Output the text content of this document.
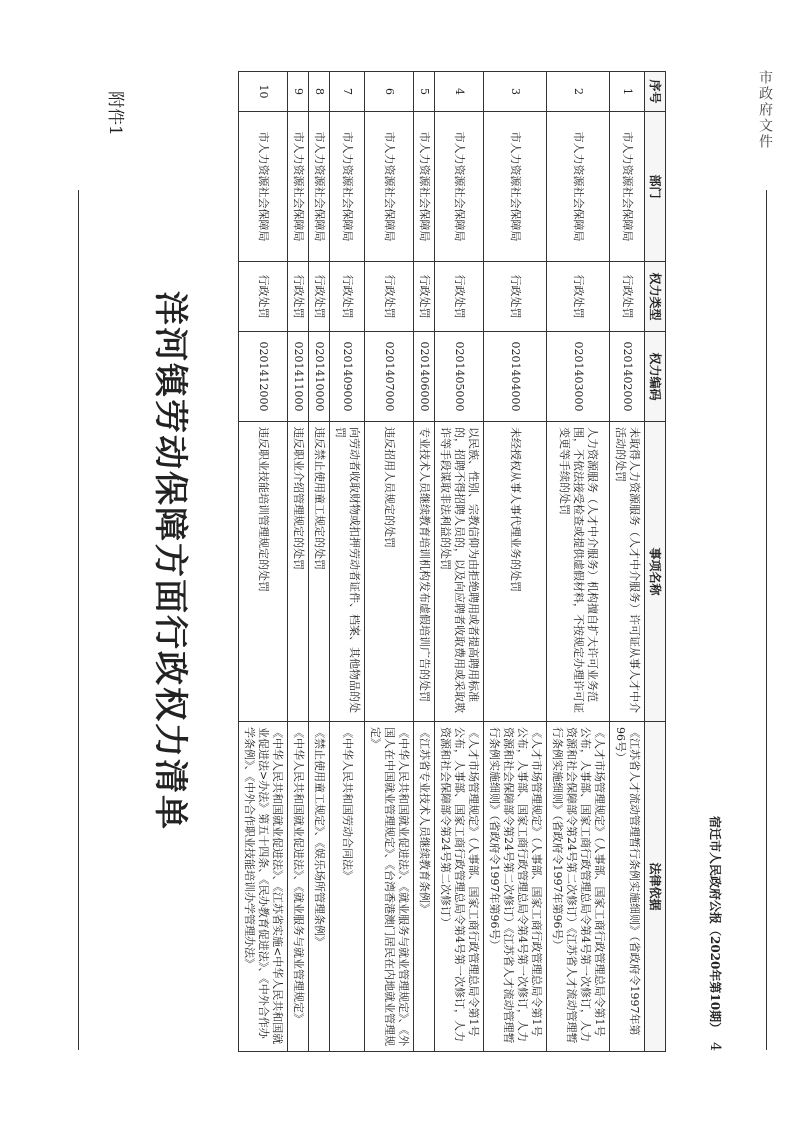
市政府文件
附件1
洋河镇劳动保障方面行政权力清单
宿迁市人民政府公报（2020年第10期）4
序号	部门	权力类型	权力编码	事项名称	法律依据
1	市人力资源社会保障局	行政处罚	0201402000	未取得人力资源服务（人才中介服务）许可证从事人才中介活动的处罚	《江苏省人才流动管理暂行条例实施细则》（省政府令1997年第96号）
2	市人力资源社会保障局	行政处罚	0201403000	人力资源服务（人才中介服务）机构擅自扩大许可业务范围，不依法接受检查或提供虚假材料，不按规定办理许可证变更等手续的处罚	《人才市场管理规定》（人事部、国家工商行政管理总局令第1号公布，人事部、国家工商行政管理总局令第4号第一次修订，人力资源和社会保障部令第24号第二次修订）《江苏省人才流动管理暂行条例实施细则》（省政府令1997年第96号）
3	市人力资源社会保障局	行政处罚	0201404000	未经授权从事人事代理业务的处罚	《人才市场管理规定》（人事部、国家工商行政管理总局令第1号公布，人事部、国家工商行政管理总局令第4号第一次修订，人力资源和社会保障部令第24号第二次修订）《江苏省人才流动管理暂行条例实施细则》（省政府令1997年第96号）
4	市人力资源社会保障局	行政处罚	0201405000	以民族、性别、宗教信仰为由拒绝聘用或者提高聘用标准的，招聘不得招聘人员的，以及向应聘者收取费用或采取欺诈等手段谋取非法利益的处罚	《人才市场管理规定》（人事部、国家工商行政管理总局令第1号公布，人事部、国家工商行政管理总局令第4号第一次修订，人力资源和社会保障部令第24号第二次修订）
5	市人力资源社会保障局	行政处罚	0201406000	专业技术人员继续教育培训机构发布虚假培训广告的处罚	《江苏省专业技术人员继续教育条例》
6	市人力资源社会保障局	行政处罚	0201407000	违反招用人员规定的处罚	《中华人民共和国就业促进法》、《就业服务与就业管理规定》、《外国人在中国就业管理规定》、《台湾香港澳门居民在内地就业管理规定》
7	市人力资源社会保障局	行政处罚	0201409000	向劳动者收取财物或扣押劳动者证件、档案、其他物品的处罚	《中华人民共和国劳动合同法》
8	市人力资源社会保障局	行政处罚	0201410000	违反禁止使用童工规定的处罚	《禁止使用童工规定》、《娱乐场所管理条例》
9	市人力资源社会保障局	行政处罚	0201411000	违反职业介绍管理规定的处罚	《中华人民共和国就业促进法》、《就业服务与就业管理规定》
10	市人力资源社会保障局	行政处罚	0201412000	违反职业技能培训管理规定的处罚	《中华人民共和国就业促进法》、《江苏省实施<中华人民共和国就业促进法>办法》第五十四条、《民办教育促进法》、《中外合作办学条例》、《中外合作职业技能培训办学管理办法》
